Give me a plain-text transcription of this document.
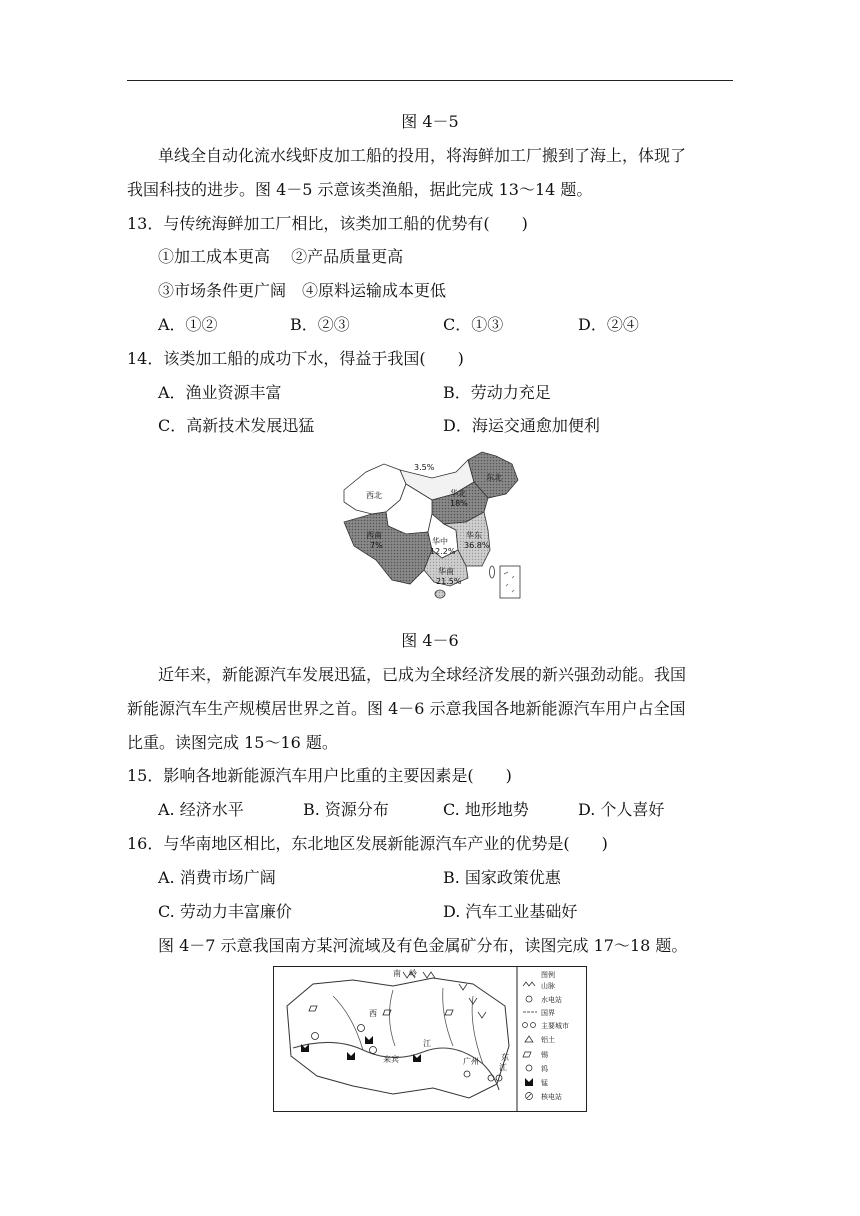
图 4－5
单线全自动化流水线虾皮加工船的投用，将海鲜加工厂搬到了海上，体现了
我国科技的进步。图 4－5 示意该类渔船，据此完成 13～14 题。
13．与传统海鲜加工厂相比，该类加工船的优势有(　　)
①加工成本更高　 ②产品质量更高
③市场条件更广阔　④原料运输成本更低
A．①②	B．②③	C．①③	D．②④
14．该类加工船的成功下水，得益于我国(　　)
A．渔业资源丰富	B．劳动力充足
C．高新技术发展迅猛	D．海运交通愈加便利
3.5%
西北
东北
华北
18%
西南
7%	华中
12.2%
华东
36.8%
华南
21.5%
图 4－6
近年来，新能源汽车发展迅猛，已成为全球经济发展的新兴强劲动能。我国
新能源汽车生产规模居世界之首。图 4－6 示意我国各地新能源汽车用户占全国
比重。读图完成 15～16 题。
15．影响各地新能源汽车用户比重的主要因素是(　　)
A. 经济水平	B. 资源分布	C. 地形地势	D. 个人喜好
16．与华南地区相比，东北地区发展新能源汽车产业的优势是(　　)
A. 消费市场广阔	B. 国家政策优惠
C. 劳动力丰富廉价	D. 汽车工业基础好
图 4－7 示意我国南方某河流域及有色金属矿分布，读图完成 17～18 题。
南　岭
西
来宾
江
广州	东
江
图例
山脉
水电站
国界
主要城市
铝土
锡
钨
锰
核电站
